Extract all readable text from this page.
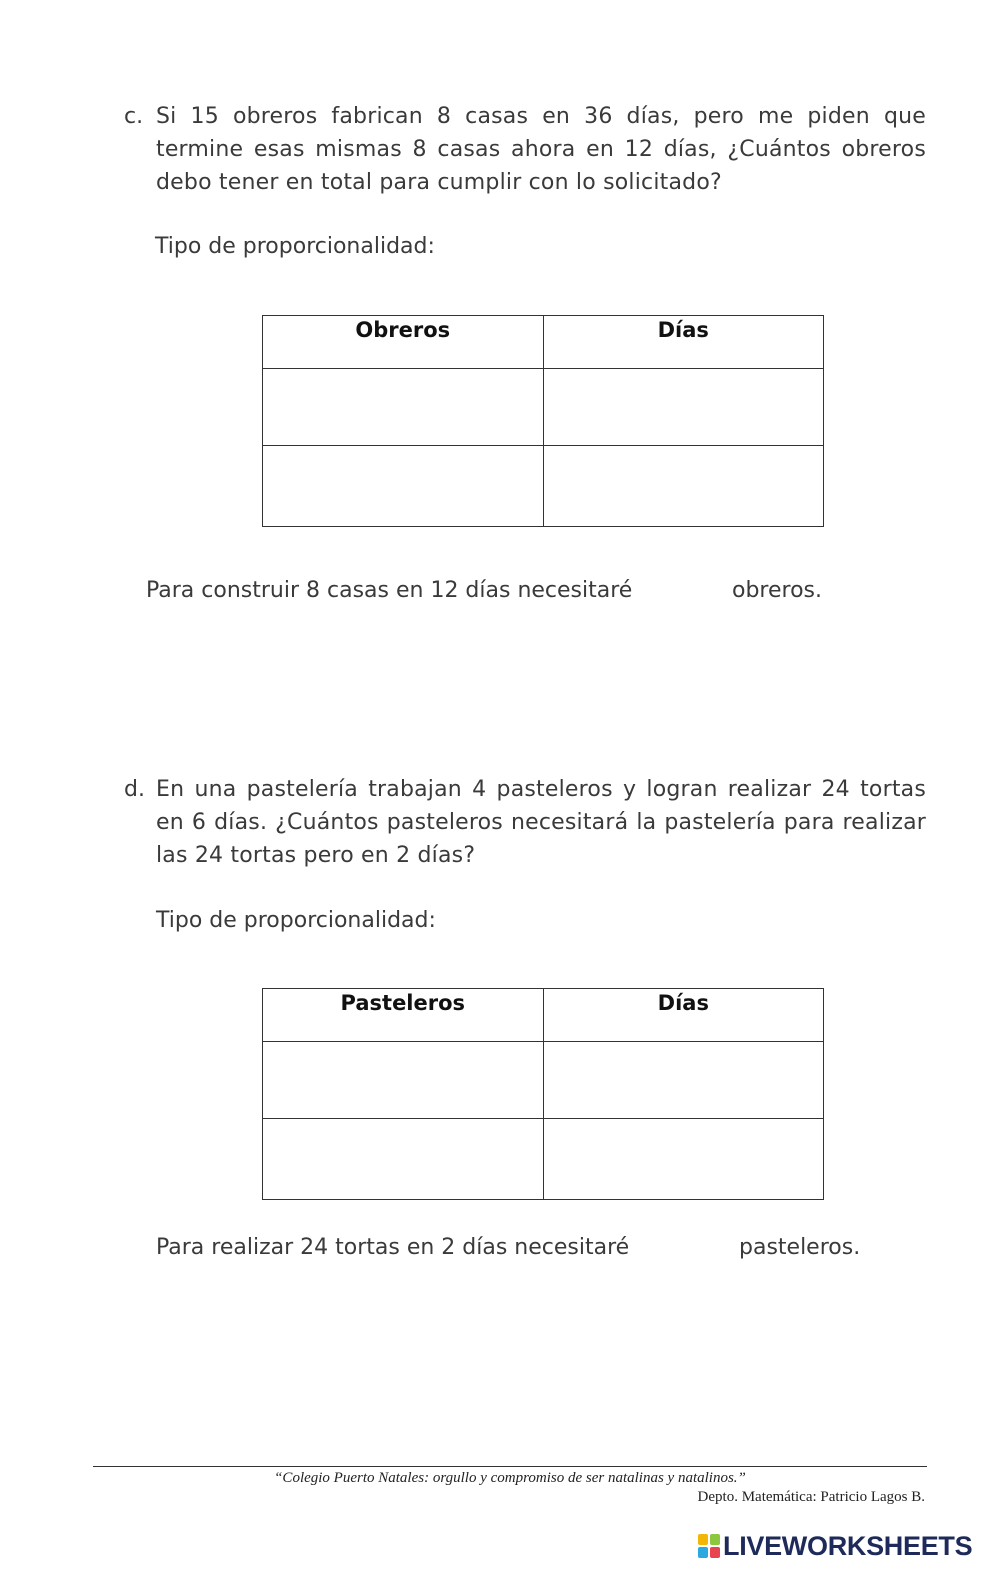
c. Si 15 obreros fabrican 8 casas en 36 días, pero me piden que termine esas mismas 8 casas ahora en 12 días, ¿Cuántos obreros debo tener en total para cumplir con lo solicitado?
Tipo de proporcionalidad:
Obreros	Días

Para construir 8 casas en 12 días necesitaré	obreros.
d. En una pastelería trabajan 4 pasteleros y logran realizar 24 tortas en 6 días. ¿Cuántos pasteleros necesitará la pastelería para realizar las 24 tortas pero en 2 días?
Tipo de proporcionalidad:
Pasteleros	Días

Para realizar 24 tortas en 2 días necesitaré	pasteleros.
“Colegio Puerto Natales: orgullo y compromiso de ser natalinas y natalinos.”
Depto. Matemática: Patricio Lagos B.
LIVEWORKSHEETS
